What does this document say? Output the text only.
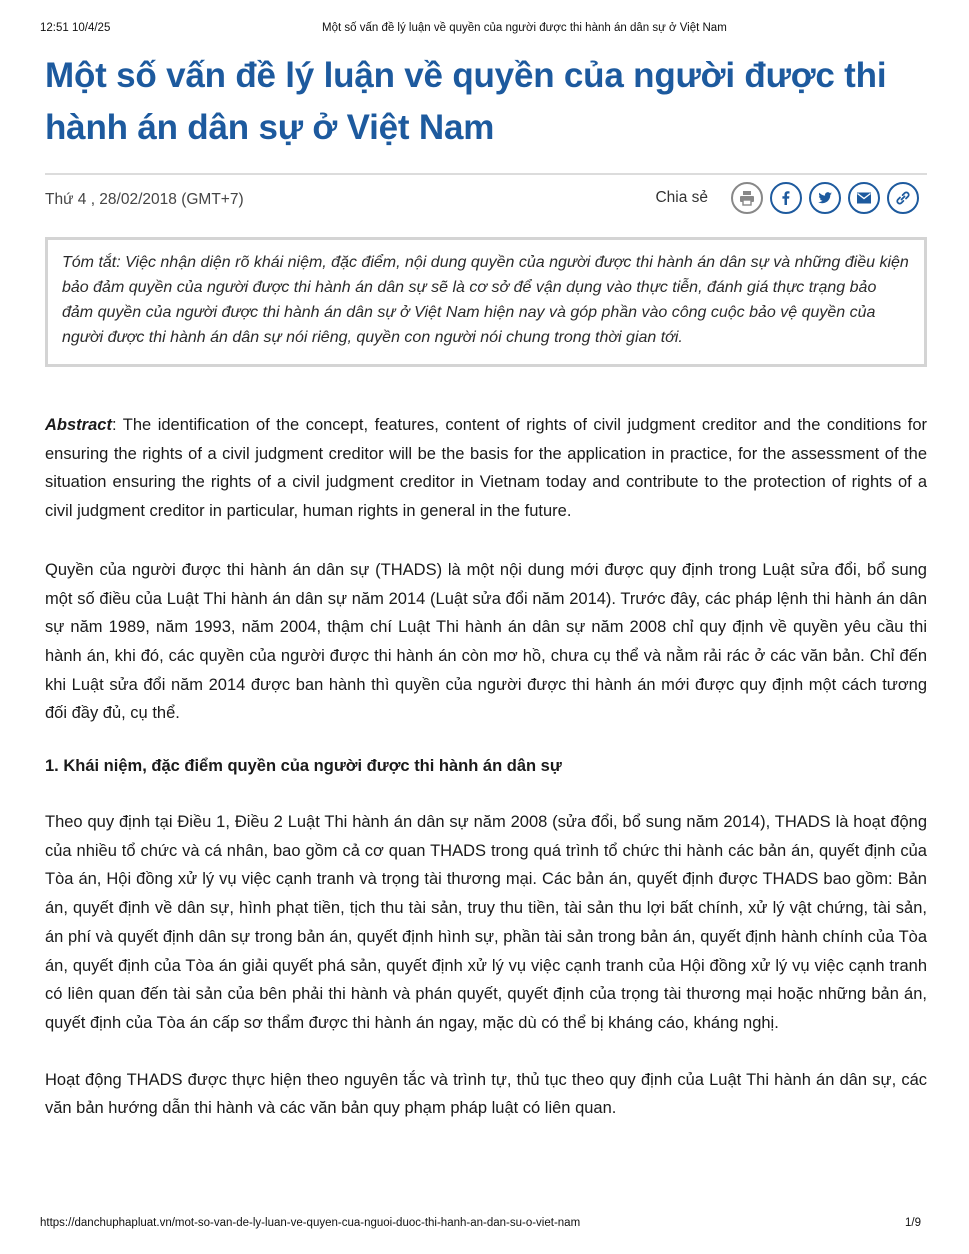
12:51 10/4/25	Một số vấn đề lý luận về quyền của người được thi hành án dân sự ở Việt Nam
Một số vấn đề lý luận về quyền của người được thi hành án dân sự ở Việt Nam
Thứ 4 , 28/02/2018 (GMT+7)	Chia sẻ
Tóm tắt: Việc nhận diện rõ khái niệm, đặc điểm, nội dung quyền của người được thi hành án dân sự và những điều kiện bảo đảm quyền của người được thi hành án dân sự sẽ là cơ sở để vận dụng vào thực tiễn, đánh giá thực trạng bảo đảm quyền của người được thi hành án dân sự ở Việt Nam hiện nay và góp phần vào công cuộc bảo vệ quyền của người được thi hành án dân sự nói riêng, quyền con người nói chung trong thời gian tới.

Abstract: The identification of the concept, features, content of rights of civil judgment creditor and the conditions for ensuring the rights of a civil judgment creditor will be the basis for the application in practice, for the assessment of the situation ensuring the rights of a civil judgment creditor in Vietnam today and contribute to the protection of rights of a civil judgment creditor in particular, human rights in general in the future.

Quyền của người được thi hành án dân sự (THADS) là một nội dung mới được quy định trong Luật sửa đổi, bổ sung một số điều của Luật Thi hành án dân sự năm 2014 (Luật sửa đổi năm 2014). Trước đây, các pháp lệnh thi hành án dân sự năm 1989, năm 1993, năm 2004, thậm chí Luật Thi hành án dân sự năm 2008 chỉ quy định về quyền yêu cầu thi hành án, khi đó, các quyền của người được thi hành án còn mơ hồ, chưa cụ thể và nằm rải rác ở các văn bản. Chỉ đến khi Luật sửa đổi năm 2014 được ban hành thì quyền của người được thi hành án mới được quy định một cách tương đối đầy đủ, cụ thể.

1. Khái niệm, đặc điểm quyền của người được thi hành án dân sự

Theo quy định tại Điều 1, Điều 2 Luật Thi hành án dân sự năm 2008 (sửa đổi, bổ sung năm 2014), THADS là hoạt động của nhiều tổ chức và cá nhân, bao gồm cả cơ quan THADS trong quá trình tổ chức thi hành các bản án, quyết định của Tòa án, Hội đồng xử lý vụ việc cạnh tranh và trọng tài thương mại. Các bản án, quyết định được THADS bao gồm: Bản án, quyết định về dân sự, hình phạt tiền, tịch thu tài sản, truy thu tiền, tài sản thu lợi bất chính, xử lý vật chứng, tài sản, án phí và quyết định dân sự trong bản án, quyết định hình sự, phần tài sản trong bản án, quyết định hành chính của Tòa án, quyết định của Tòa án giải quyết phá sản, quyết định xử lý vụ việc cạnh tranh của Hội đồng xử lý vụ việc cạnh tranh có liên quan đến tài sản của bên phải thi hành và phán quyết, quyết định của trọng tài thương mại hoặc những bản án, quyết định của Tòa án cấp sơ thẩm được thi hành án ngay, mặc dù có thể bị kháng cáo, kháng nghị.

Hoạt động THADS được thực hiện theo nguyên tắc và trình tự, thủ tục theo quy định của Luật Thi hành án dân sự, các văn bản hướng dẫn thi hành và các văn bản quy phạm pháp luật có liên quan.

https://danchuphapluat.vn/mot-so-van-de-ly-luan-ve-quyen-cua-nguoi-duoc-thi-hanh-an-dan-su-o-viet-nam	1/9
